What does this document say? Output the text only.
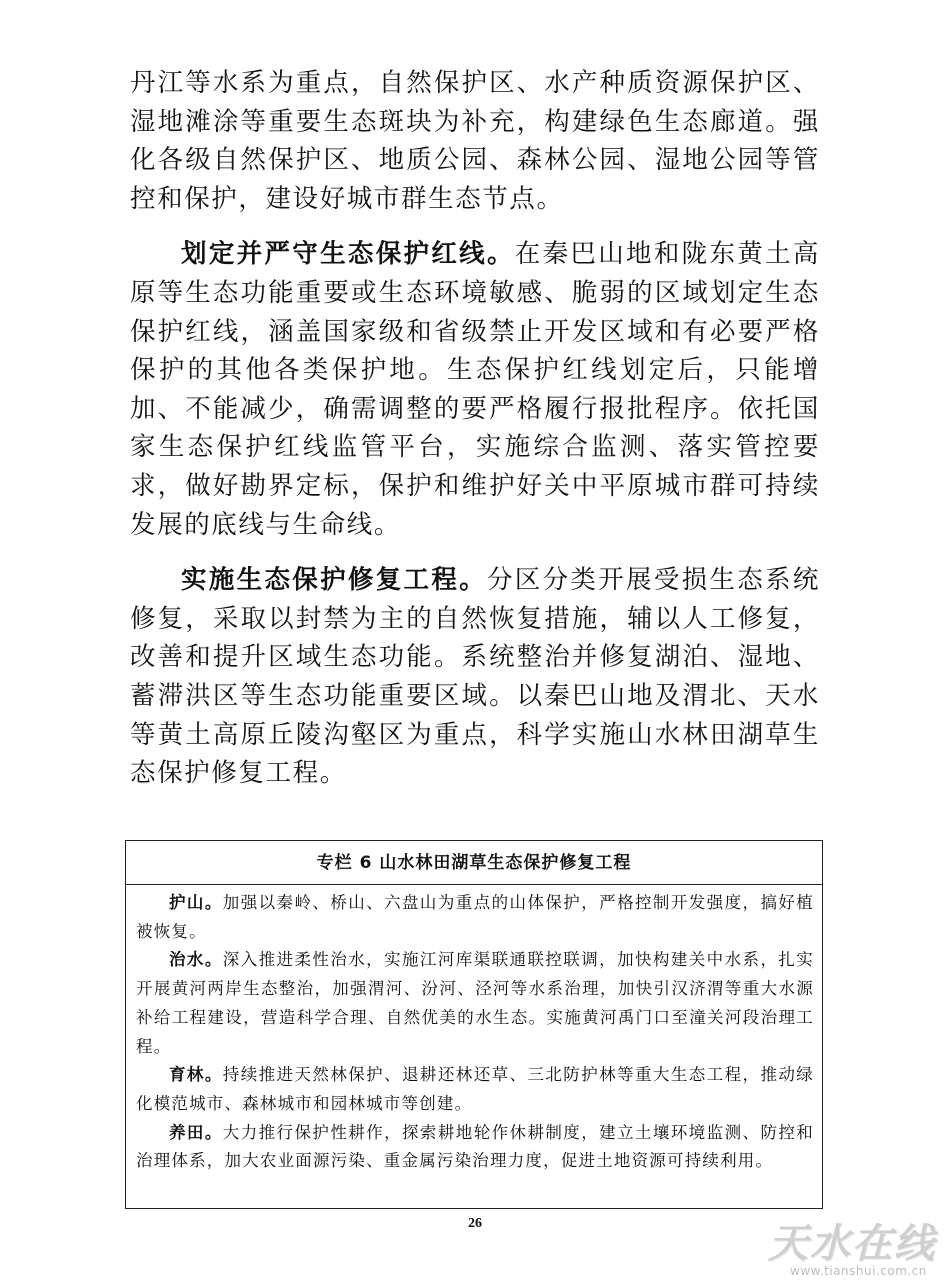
丹江等水系为重点，自然保护区、水产种质资源保护区、湿地滩涂等重要生态斑块为补充，构建绿色生态廊道。强化各级自然保护区、地质公园、森林公园、湿地公园等管控和保护，建设好城市群生态节点。

划定并严守生态保护红线。在秦巴山地和陇东黄土高原等生态功能重要或生态环境敏感、脆弱的区域划定生态保护红线，涵盖国家级和省级禁止开发区域和有必要严格保护的其他各类保护地。生态保护红线划定后，只能增加、不能减少，确需调整的要严格履行报批程序。依托国家生态保护红线监管平台，实施综合监测、落实管控要求，做好勘界定标，保护和维护好关中平原城市群可持续发展的底线与生命线。

实施生态保护修复工程。分区分类开展受损生态系统修复，采取以封禁为主的自然恢复措施，辅以人工修复，改善和提升区域生态功能。系统整治并修复湖泊、湿地、蓄滞洪区等生态功能重要区域。以秦巴山地及渭北、天水等黄土高原丘陵沟壑区为重点，科学实施山水林田湖草生态保护修复工程。

专栏 6 山水林田湖草生态保护修复工程

护山。加强以秦岭、桥山、六盘山为重点的山体保护，严格控制开发强度，搞好植被恢复。

治水。深入推进柔性治水，实施江河库渠联通联控联调，加快构建关中水系，扎实开展黄河两岸生态整治，加强渭河、汾河、泾河等水系治理，加快引汉济渭等重大水源补给工程建设，营造科学合理、自然优美的水生态。实施黄河禹门口至潼关河段治理工程。

育林。持续推进天然林保护、退耕还林还草、三北防护林等重大生态工程，推动绿化模范城市、森林城市和园林城市等创建。

养田。大力推行保护性耕作，探索耕地轮作休耕制度，建立土壤环境监测、防控和治理体系，加大农业面源污染、重金属污染治理力度，促进土地资源可持续利用。

26	天水在线
www.tianshui.com.cn
